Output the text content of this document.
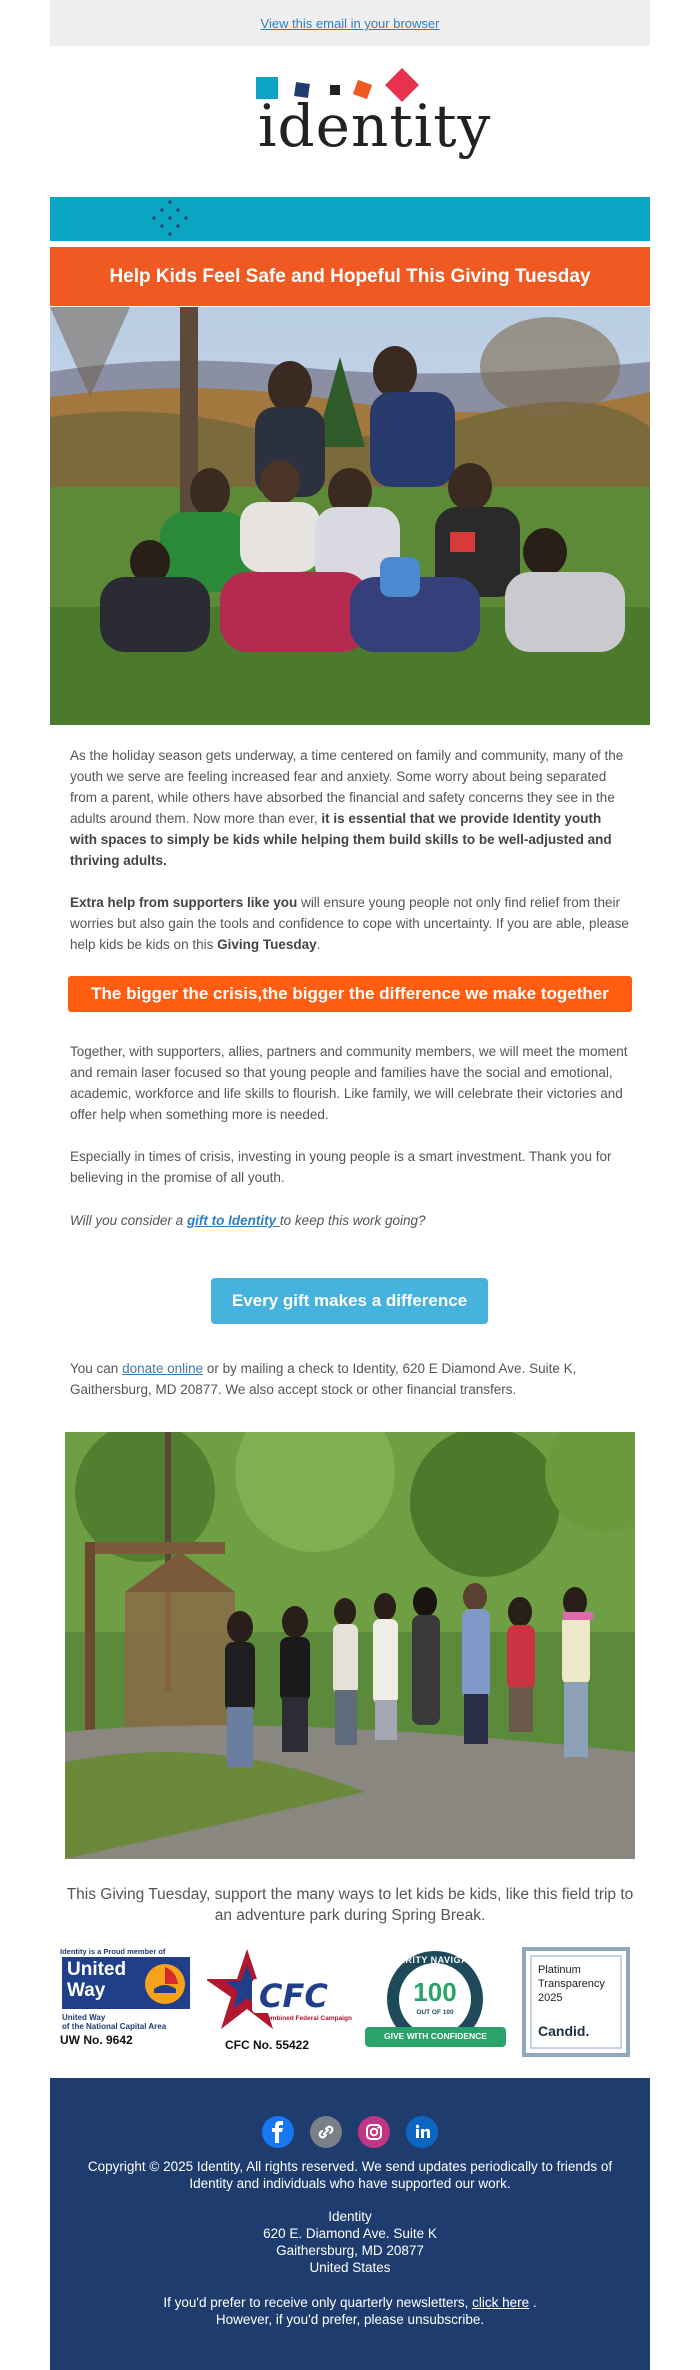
View this email in your browser
identity
Help Kids Feel Safe and Hopeful This Giving Tuesday
As the holiday season gets underway, a time centered on family and community, many of the youth we serve are feeling increased fear and anxiety. Some worry about being separated from a parent, while others have absorbed the financial and safety concerns they see in the adults around them. Now more than ever, it is essential that we provide Identity youth with spaces to simply be kids while helping them build skills to be well-adjusted and thriving adults.
Extra help from supporters like you will ensure young people not only find relief from their worries but also gain the tools and confidence to cope with uncertainty. If you are able, please help kids be kids on this Giving Tuesday.
The bigger the crisis,the bigger the difference we make together
Together, with supporters, allies, partners and community members, we will meet the moment and remain laser focused so that young people and families have the social and emotional, academic, workforce and life skills to flourish. Like family, we will celebrate their victories and offer help when something more is needed.
Especially in times of crisis, investing in young people is a smart investment. Thank you for believing in the promise of all youth.
Will you consider a gift to Identity to keep this work going?
Every gift makes a difference
You can donate online or by mailing a check to Identity, 620 E Diamond Ave. Suite K, Gaithersburg, MD 20877. We also accept stock or other financial transfers.
This Giving Tuesday, support the many ways to let kids be kids, like this field trip to an adventure park during Spring Break.
Identity is a Proud member of
United
Way
United Way
of the National Capital Area
UW No. 9642
CFC
Combined Federal Campaign
CFC No. 55422
CHARITY NAVIGATOR
100
OUT OF 100
GIVE WITH CONFIDENCE
Platinum
Transparency
2025
Candid.

Copyright © 2025 Identity, All rights reserved. We send updates periodically to friends of Identity and individuals who have supported our work.
Identity
620 E. Diamond Ave. Suite K
Gaithersburg, MD 20877
United States
If you'd prefer to receive only quarterly newsletters, click here .
However, if you'd prefer, please unsubscribe.
